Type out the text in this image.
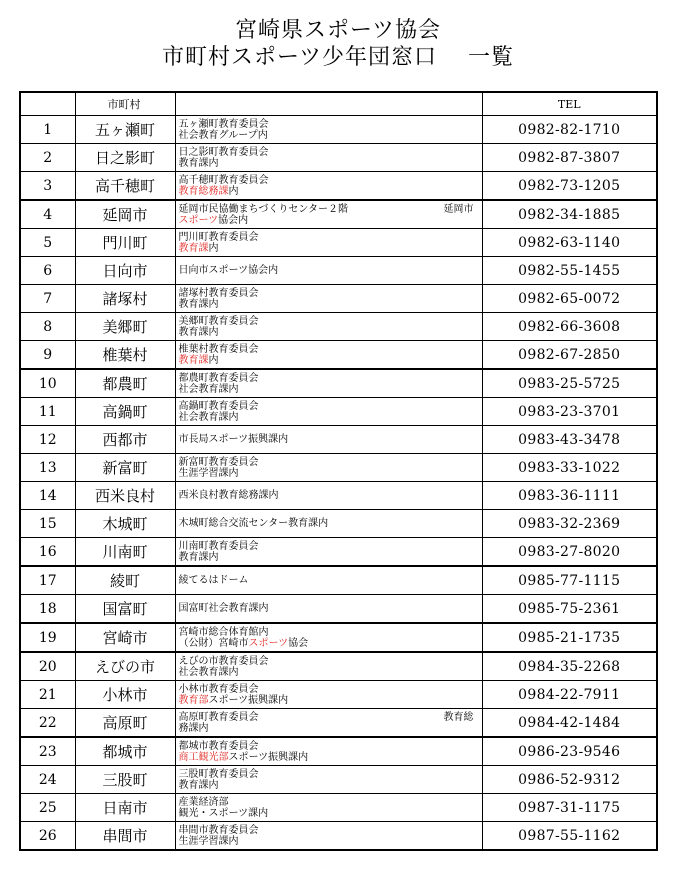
宮崎県スポーツ協会
市町村スポーツ少年団窓口　 一覧
	市町村		TEL
1	五ヶ瀬町	五ヶ瀬町教育委員会
社会教育グループ内	0982-82-1710
2	日之影町	日之影町教育委員会
教育課内	0982-87-3807
3	高千穂町	高千穂町教育委員会
教育総務課内	0982-73-1205
4	延岡市	延岡市民協働まちづくりセンター２階 延岡市
スポーツ協会内	0982-34-1885
5	門川町	門川町教育委員会
教育課内	0982-63-1140
6	日向市	日向市スポーツ協会内	0982-55-1455
7	諸塚村	諸塚村教育委員会
教育課内	0982-65-0072
8	美郷町	美郷町教育委員会
教育課内	0982-66-3608
9	椎葉村	椎葉村教育委員会
教育課内	0982-67-2850
10	都農町	都農町教育委員会
社会教育課内	0983-25-5725
11	高鍋町	高鍋町教育委員会
社会教育課内	0983-23-3701
12	西都市	市長局スポーツ振興課内	0983-43-3478
13	新富町	新富町教育委員会
生涯学習課内	0983-33-1022
14	西米良村	西米良村教育総務課内	0983-36-1111
15	木城町	木城町総合交流センター教育課内	0983-32-2369
16	川南町	川南町教育委員会
教育課内	0983-27-8020
17	綾町	綾てるはドーム	0985-77-1115
18	国富町	国富町社会教育課内	0985-75-2361
19	宮崎市	宮崎市総合体育館内
（公財）宮崎市スポーツ協会	0985-21-1735
20	えびの市	えびの市教育委員会
社会教育課内	0984-35-2268
21	小林市	小林市教育委員会
教育部スポーツ振興課内	0984-22-7911
22	高原町	高原町教育委員会 教育総
務課内	0984-42-1484
23	都城市	都城市教育委員会
商工観光部スポーツ振興課内	0986-23-9546
24	三股町	三股町教育委員会
教育課内	0986-52-9312
25	日南市	産業経済部
観光・スポーツ課内	0987-31-1175
26	串間市	串間市教育委員会
生涯学習課内	0987-55-1162
